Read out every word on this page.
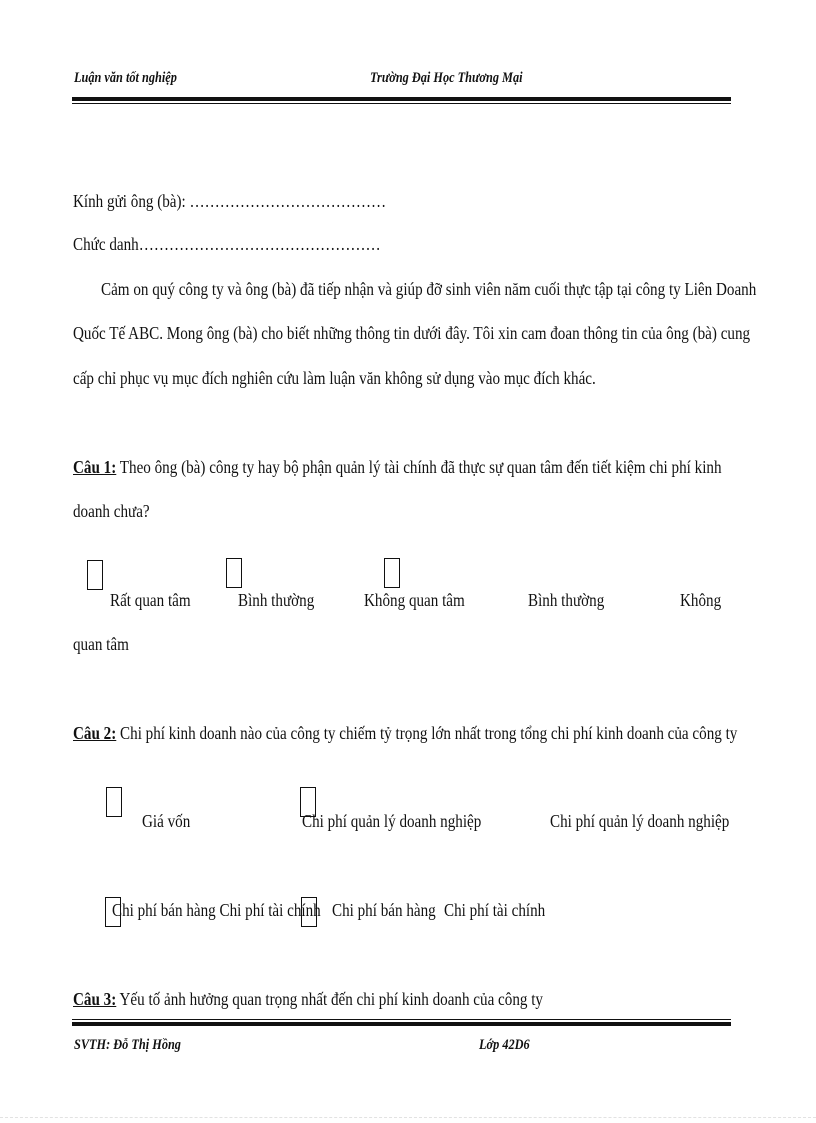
Luận văn tốt nghiệp	Trường Đại Học Thương Mại
Kính gửi ông (bà): …………………………………
Chức danh…………………………………………
Cảm on quý công ty và ông (bà) đã tiếp nhận và giúp đỡ sinh viên năm cuối thực tập tại công ty Liên Doanh
Quốc Tế ABC. Mong ông (bà) cho biết những thông tin dưới đây. Tôi xin cam đoan thông tin của ông (bà) cung
cấp chỉ phục vụ mục đích nghiên cứu làm luận văn không sử dụng vào mục đích khác.
Câu 1: Theo ông (bà) công ty hay bộ phận quản lý tài chính đã thực sự quan tâm đến tiết kiệm chi phí kinh
doanh chưa?
Rất quan tâm	Bình thường	Không quan tâm	Bình thường	Không
quan tâm
Câu 2: Chi phí kinh doanh nào của công ty chiếm tỷ trọng lớn nhất trong tổng chi phí kinh doanh của công ty
Giá vốn	Chi phí quản lý doanh nghiệp	Chi phí quản lý doanh nghiệp
Chi phí bán hàng Chi phí tài chính Chi phí bán hàng Chi phí tài chính
Câu 3: Yếu tố ảnh hưởng quan trọng nhất đến chi phí kinh doanh của công ty
SVTH: Đỗ Thị Hồng	Lớp 42D6
